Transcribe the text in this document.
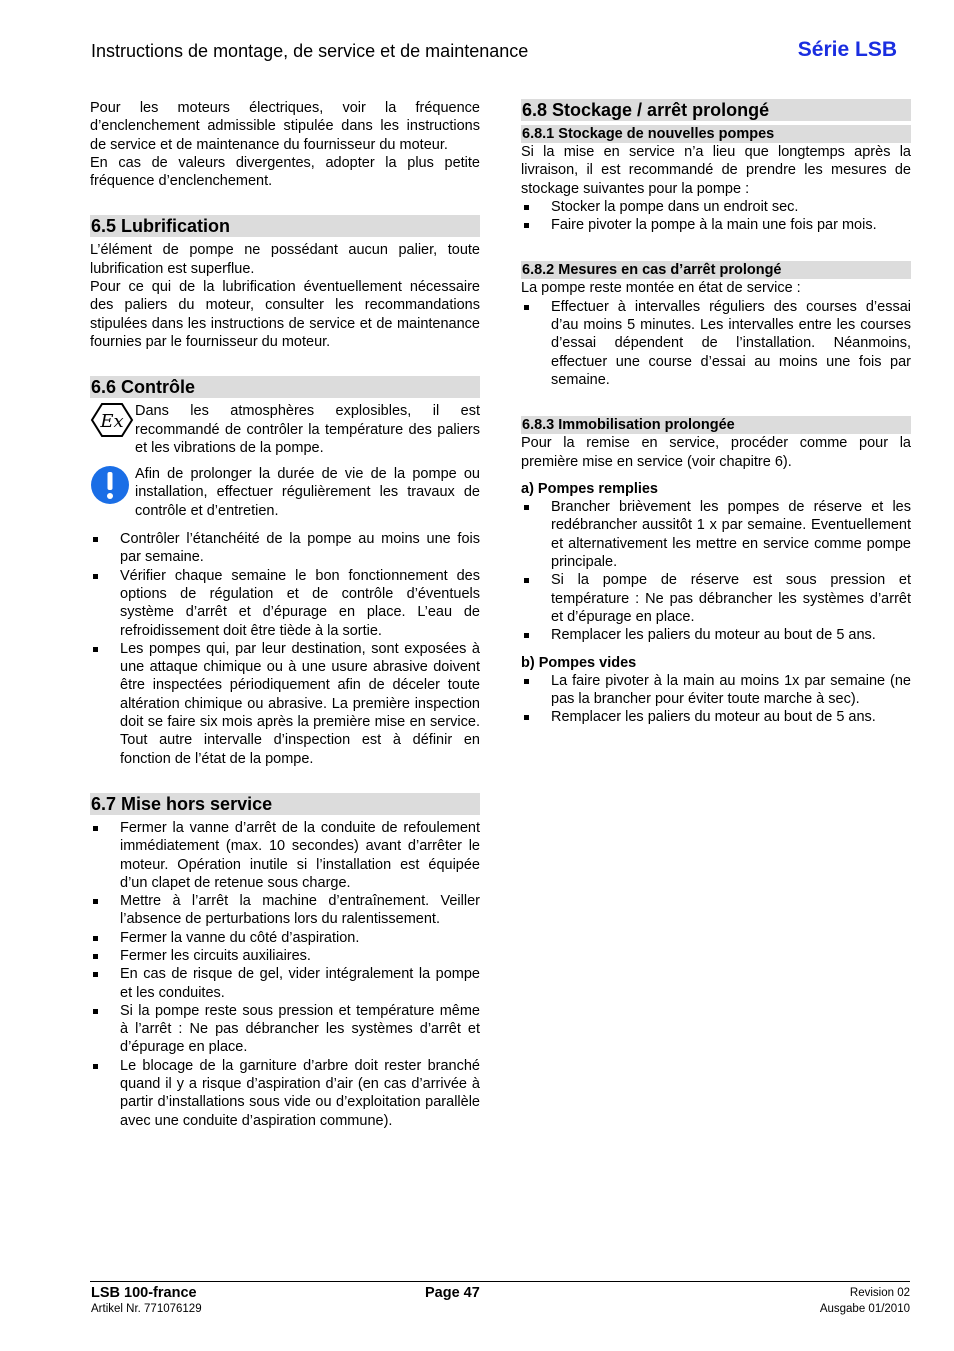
Instructions de montage, de service et de maintenance	Série LSB

Pour les moteurs électriques, voir la fréquence d’enclenchement admissible stipulée dans les instructions de service et de maintenance du fournisseur du moteur.

En cas de valeurs divergentes, adopter la plus petite fréquence d’enclenchement.

6.5 Lubrification

L’élément de pompe ne possédant aucun palier, toute lubrification est superflue.

Pour ce qui de la lubrification éventuellement nécessaire des paliers du moteur, consulter les recommandations stipulées dans les instructions de service et de maintenance fournies par le fournisseur du moteur.

6.6 Contrôle
Ex Dans les atmosphères explosibles, il est recommandé de contrôler la température des paliers et les vibrations de la pompe.

Afin de prolonger la durée de vie de la pompe ou installation, effectuer régulièrement les travaux de contrôle et d’entretien.

Contrôler l’étanchéité de la pompe au moins une fois par semaine.
Vérifier chaque semaine le bon fonctionnement des options de régulation et de contrôle d’éventuels système d’arrêt et d’épurage en place. L’eau de refroidissement doit être tiède à la sortie.
Les pompes qui, par leur destination, sont exposées à une attaque chimique ou à une usure abrasive doivent être inspectées périodiquement afin de déceler toute altération chimique ou abrasive. La première inspection doit se faire six mois après la première mise en service. Tout autre intervalle d’inspection est à définir en fonction de l’état de la pompe.
6.7 Mise hors service
Fermer la vanne d’arrêt de la conduite de refoulement immédiatement (max. 10 secondes) avant d’arrêter le moteur. Opération inutile si l’installation est équipée d’un clapet de retenue sous charge.
Mettre à l’arrêt la machine d’entraînement. Veiller l’absence de perturbations lors du ralentissement.
Fermer la vanne du côté d’aspiration.
Fermer les circuits auxiliaires.
En cas de risque de gel, vider intégralement la pompe et les conduites.
Si la pompe reste sous pression et température même à l’arrêt : Ne pas débrancher les systèmes d’arrêt et d’épurage en place.
Le blocage de la garniture d’arbre doit rester branché quand il y a risque d’aspiration d’air (en cas d’arrivée à partir d’installations sous vide ou d’exploitation parallèle avec une conduite d’aspiration commune).
6.8 Stockage / arrêt prolongé
6.8.1 Stockage de nouvelles pompes

Si la mise en service n’a lieu que longtemps après la livraison, il est recommandé de prendre les mesures de stockage suivantes pour la pompe :

Stocker la pompe dans un endroit sec.
Faire pivoter la pompe à la main une fois par mois.
6.8.2 Mesures en cas d’arrêt prolongé

La pompe reste montée en état de service :

Effectuer à intervalles réguliers des courses d’essai d’au moins 5 minutes. Les intervalles entre les courses d’essai dépendent de l’installation. Néanmoins, effectuer une course d’essai au moins une fois par semaine.
6.8.3 Immobilisation prolongée

Pour la remise en service, procéder comme pour la première mise en service (voir chapitre 6).

a) Pompes remplies
Brancher brièvement les pompes de réserve et les redébrancher aussitôt 1 x par semaine. Eventuellement et alternativement les mettre en service comme pompe principale.
Si la pompe de réserve est sous pression et température : Ne pas débrancher les systèmes d’arrêt et d’épurage en place.
Remplacer les paliers du moteur au bout de 5 ans.
b) Pompes vides
La faire pivoter à la main au moins 1x par semaine (ne pas la brancher pour éviter toute marche à sec).
Remplacer les paliers du moteur au bout de 5 ans.
LSB 100-france
Artikel Nr. 771076129
Page 47	Revision 02
Ausgabe 01/2010
